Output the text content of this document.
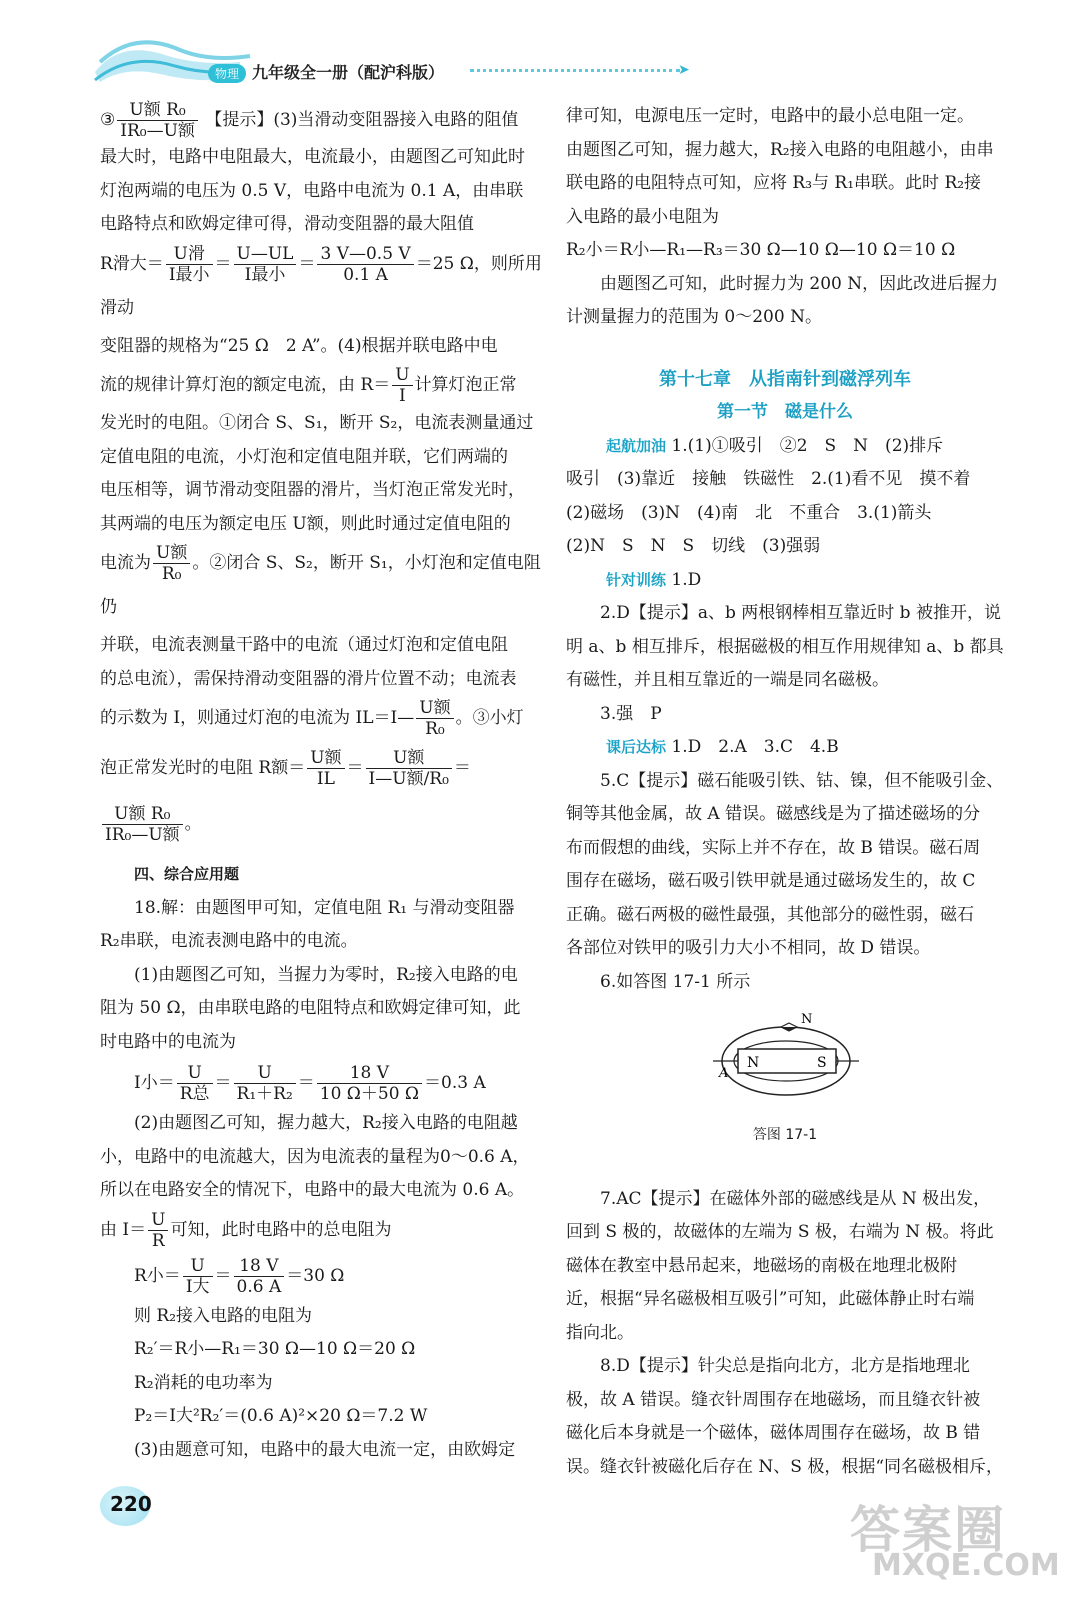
物理 九年级全一册（配沪科版）	➤

③ $\frac{\text{U额 R₀}}{\text{IR₀—U额}}$ 【提示】(3)当滑动变阻器接入电路的阻值

最大时，电路中电阻最大，电流最小，由题图乙可知此时

灯泡两端的电压为 0.5 V，电路中电流为 0.1 A，由串联

电路特点和欧姆定律可得，滑动变阻器的最大阻值

R滑大＝ $\frac{\text{U滑}}{\text{I最小}} = \frac{U—UL}{\text{I最小}} = \frac{3 V—0.5 V}{0.1 A} =25$ Ω，则所用滑动

变阻器的规格为“25 Ω　2 A”。(4)根据并联电路中电

流的规律计算灯泡的额定电流，由 $R= \frac{U}{I}$ 计算灯泡正常

发光时的电阻。①闭合 S、S₁，断开 S₂，电流表测量通过

定值电阻的电流，小灯泡和定值电阻并联，它们两端的

电压相等，调节滑动变阻器的滑片，当灯泡正常发光时，

其两端的电压为额定电压 U额，则此时通过定值电阻的

电流为 $\frac{\text{U额}}{\text{R₀}}$ 。②闭合 S、S₂，断开 S₁，小灯泡和定值电阻仍

并联，电流表测量干路中的电流（通过灯泡和定值电阻

的总电流），需保持滑动变阻器的滑片位置不动；电流表

的示数为 I，则通过灯泡的电流为 IL＝I— $\frac{\text{U额}}{\text{R₀}}$ 。③小灯

泡正常发光时的电阻 R额＝ $\frac{\text{U额}}{IL} = \frac{\text{U额}}{\text{I—U额/R₀}}$ ＝
$\frac{\text{U额 R₀}}{\text{IR₀—U额}}$ 。

四、综合应用题

18.解：由题图甲可知，定值电阻 R₁ 与滑动变阻器

R₂串联，电流表测电路中的电流。

(1)由题图乙可知，当握力为零时，R₂接入电路的电

阻为 50 Ω，由串联电路的电阻特点和欧姆定律可知，此

时电路中的电流为

I小＝ $\frac{U}{\text{R总}} = \frac{U}{\text{R₁＋R₂}} = \frac{18 V}{10 \Omega+50 \Omega} =0.3$ A

(2)由题图乙可知，握力越大，R₂接入电路的电阻越

小，电路中的电流越大，因为电流表的量程为0～0.6 A，

所以在电路安全的情况下，电路中的最大电流为 0.6 A。

由 $I= \frac{U}{R}$ 可知，此时电路中的总电阻为

R小＝ $\frac{U}{\text{I大}} = \frac{18 V}{0.6 A} =30$ Ω

则 R₂接入电路的电阻为

R₂′＝R小—R₁＝30 Ω—10 Ω＝20 Ω

R₂消耗的电功率为

P₂＝I大²R₂′＝(0.6 A)²×20 Ω＝7.2 W

(3)由题意可知，电路中的最大电流一定，由欧姆定

律可知，电源电压一定时，电路中的最小总电阻一定。

由题图乙可知，握力越大，R₂接入电路的电阻越小，由串

联电路的电阻特点可知，应将 R₃与 R₁串联。此时 R₂接

入电路的最小电阻为

R₂小＝R小—R₁—R₃＝30 Ω—10 Ω—10 Ω＝10 Ω

由题图乙可知，此时握力为 200 N，因此改进后握力

计测量握力的范围为 0～200 N。

第十七章　从指南针到磁浮列车

第一节　磁是什么

起航加油 1.(1)①吸引　②2　S　N　(2)排斥

吸引　(3)靠近　接触　铁磁性　2.(1)看不见　摸不着

(2)磁场　(3)N　(4)南　北　不重合　3.(1)箭头

(2)N　S　N　S　切线　(3)强弱

针对训练 1.D

2.D【提示】a、b 两根钢棒相互靠近时 b 被推开，说

明 a、b 相互排斥，根据磁极的相互作用规律知 a、b 都具

有磁性，并且相互靠近的一端是同名磁极。

3.强　P

课后达标 1.D　2.A　3.C　4.B

5.C【提示】磁石能吸引铁、钴、镍，但不能吸引金、

铜等其他金属，故 A 错误。磁感线是为了描述磁场的分

布而假想的曲线，实际上并不存在，故 B 错误。磁石周

围存在磁场，磁石吸引铁甲就是通过磁场发生的，故 C

正确。磁石两极的磁性最强，其他部分的磁性弱，磁石

各部位对铁甲的吸引力大小不相同，故 D 错误。

6.如答图 17-1 所示

N
N	S
A

答图 17-1

7.AC【提示】在磁体外部的磁感线是从 N 极出发，

回到 S 极的，故磁体的左端为 S 极，右端为 N 极。将此

磁体在教室中悬吊起来，地磁场的南极在地理北极附

近，根据“异名磁极相互吸引”可知，此磁体静止时右端

指向北。

8.D【提示】针尖总是指向北方，北方是指地理北

极，故 A 错误。缝衣针周围存在地磁场，而且缝衣针被

磁化后本身就是一个磁体，磁体周围存在磁场，故 B 错

误。缝衣针被磁化后存在 N、S 极，根据“同名磁极相斥，

220	答案圈
MXQE.COM
